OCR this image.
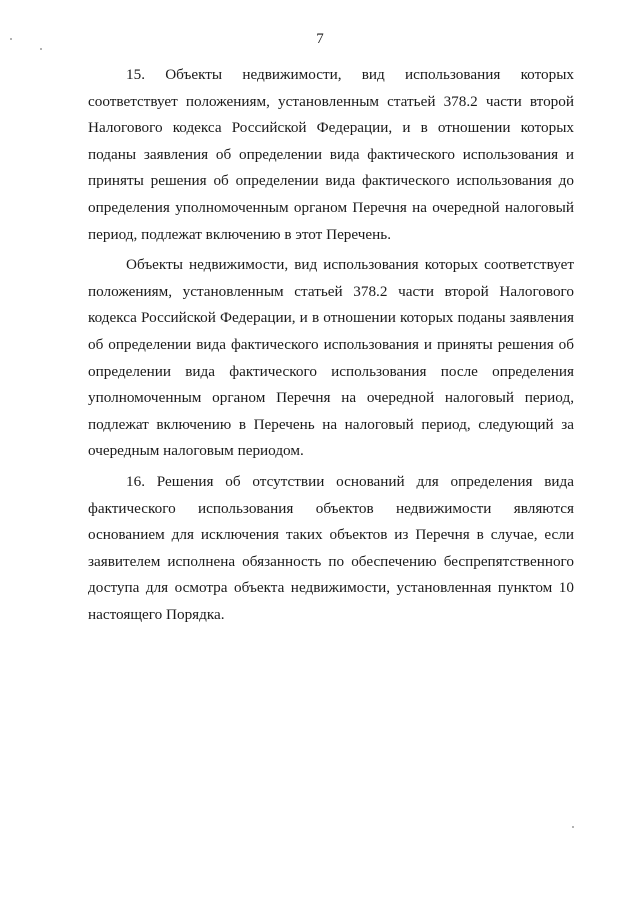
7

15. Объекты недвижимости, вид использования которых соответствует положениям, установленным статьей 378.2 части второй Налогового кодекса Российской Федерации, и в отношении которых поданы заявления об определении вида фактического использования и приняты решения об определении вида фактического использования до определения уполномоченным органом Перечня на очередной налоговый период, подлежат включению в этот Перечень.

Объекты недвижимости, вид использования которых соответствует положениям, установленным статьей 378.2 части второй Налогового кодекса Российской Федерации, и в отношении которых поданы заявления об определении вида фактического использования и приняты решения об определении вида фактического использования после определения уполномоченным органом Перечня на очередной налоговый период, подлежат включению в Перечень на налоговый период, следующий за очередным налоговым периодом.

16. Решения об отсутствии оснований для определения вида фактического использования объектов недвижимости являются основанием для исключения таких объектов из Перечня в случае, если заявителем исполнена обязанность по обеспечению беспрепятственного доступа для осмотра объекта недвижимости, установленная пунктом 10 настоящего Порядка.
